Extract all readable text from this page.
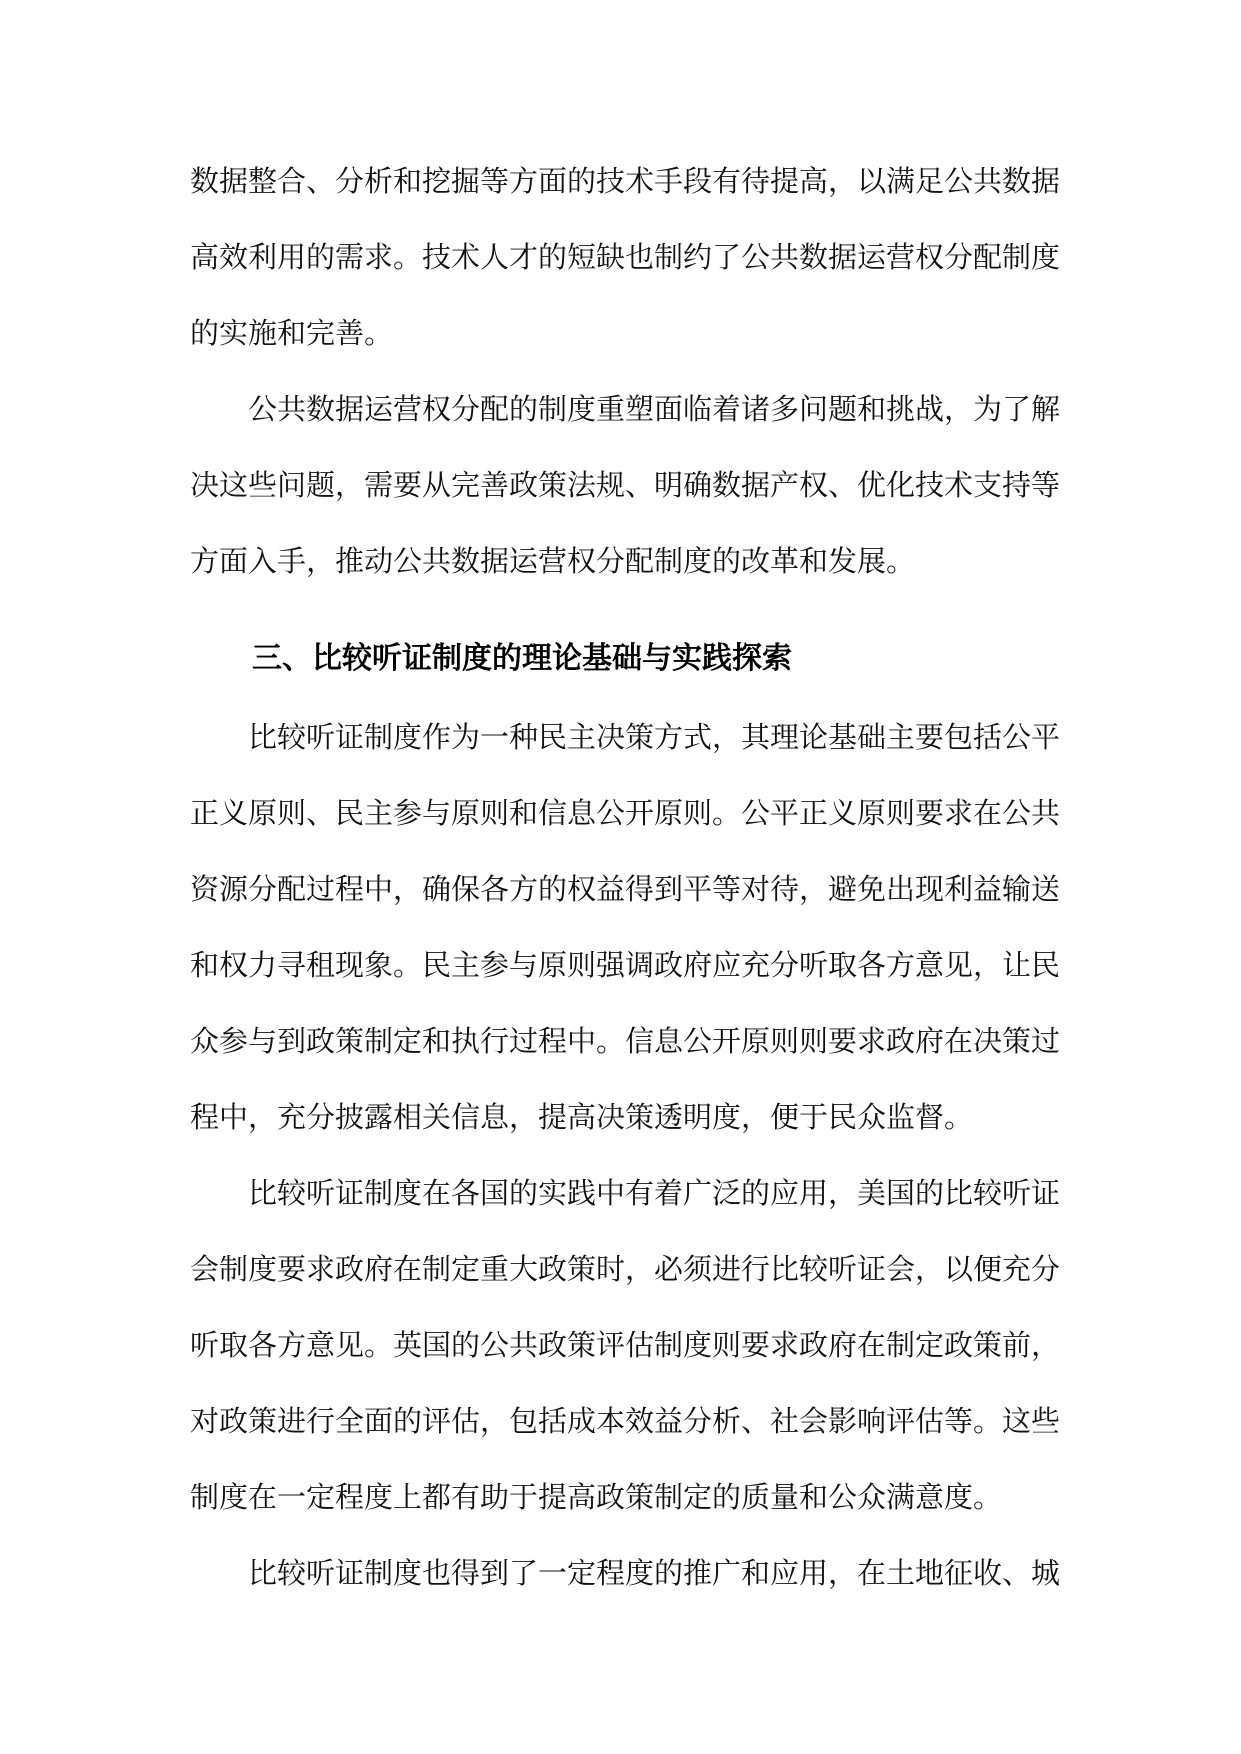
数据整合、分析和挖掘等方面的技术手段有待提高，以满足公共数据高效利用的需求。技术人才的短缺也制约了公共数据运营权分配制度的实施和完善。

公共数据运营权分配的制度重塑面临着诸多问题和挑战，为了解决这些问题，需要从完善政策法规、明确数据产权、优化技术支持等方面入手，推动公共数据运营权分配制度的改革和发展。

三、比较听证制度的理论基础与实践探索

比较听证制度作为一种民主决策方式，其理论基础主要包括公平正义原则、民主参与原则和信息公开原则。公平正义原则要求在公共资源分配过程中，确保各方的权益得到平等对待，避免出现利益输送和权力寻租现象。民主参与原则强调政府应充分听取各方意见，让民众参与到政策制定和执行过程中。信息公开原则则要求政府在决策过程中，充分披露相关信息，提高决策透明度，便于民众监督。

比较听证制度在各国的实践中有着广泛的应用，美国的比较听证会制度要求政府在制定重大政策时，必须进行比较听证会，以便充分听取各方意见。英国的公共政策评估制度则要求政府在制定政策前，对政策进行全面的评估，包括成本效益分析、社会影响评估等。这些制度在一定程度上都有助于提高政策制定的质量和公众满意度。

比较听证制度也得到了一定程度的推广和应用，在土地征收、城
